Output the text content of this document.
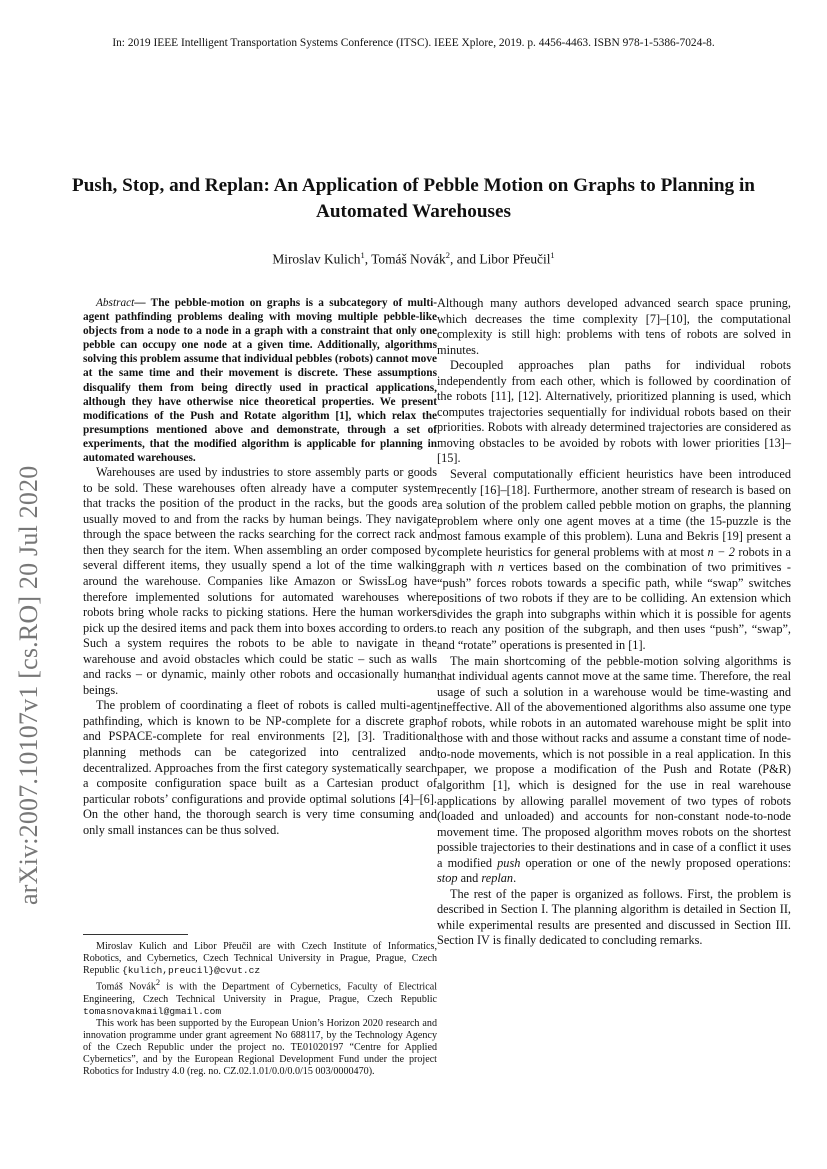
In: 2019 IEEE Intelligent Transportation Systems Conference (ITSC). IEEE Xplore, 2019. p. 4456-4463. ISBN 978-1-5386-7024-8.
Push, Stop, and Replan: An Application of Pebble Motion on Graphs to Planning in Automated Warehouses
Miroslav Kulich$^1$, Tomáš Novák$^2$, and Libor Přeučil$^1$
arXiv:2007.10107v1 [cs.RO] 20 Jul 2020

Abstract— The pebble-motion on graphs is a subcategory of multi-agent pathfinding problems dealing with moving multiple pebble-like objects from a node to a node in a graph with a constraint that only one pebble can occupy one node at a given time. Additionally, algorithms solving this problem assume that individual pebbles (robots) cannot move at the same time and their movement is discrete. These assumptions disqualify them from being directly used in practical applications, although they have otherwise nice theoretical properties. We present modifications of the Push and Rotate algorithm [1], which relax the presumptions mentioned above and demonstrate, through a set of experiments, that the modified algorithm is applicable for planning in automated warehouses.

Warehouses are used by industries to store assembly parts or goods to be sold. These warehouses often already have a computer system that tracks the position of the product in the racks, but the goods are usually moved to and from the racks by human beings. They navigate through the space between the racks searching for the correct rack and then they search for the item. When assembling an order composed by several different items, they usually spend a lot of the time walking around the warehouse. Companies like Amazon or SwissLog have therefore implemented solutions for automated warehouses where robots bring whole racks to picking stations. Here the human workers pick up the desired items and pack them into boxes according to orders. Such a system requires the robots to be able to navigate in the warehouse and avoid obstacles which could be static – such as walls and racks – or dynamic, mainly other robots and occasionally human beings.

The problem of coordinating a fleet of robots is called multi-agent pathfinding, which is known to be NP-complete for a discrete graph and PSPACE-complete for real environments [2], [3]. Traditional planning methods can be categorized into centralized and decentralized. Approaches from the first category systematically search a composite configuration space built as a Cartesian product of particular robots’ configurations and provide optimal solutions [4]–[6]. On the other hand, the thorough search is very time consuming and only small instances can be thus solved.

Miroslav Kulich and Libor Přeučil are with Czech Institute of Informatics, Robotics, and Cybernetics, Czech Technical University in Prague, Prague, Czech Republic {kulich,preucil}@cvut.cz

Tomáš Novák$^2$ is with the Department of Cybernetics, Faculty of Electrical Engineering, Czech Technical University in Prague, Prague, Czech Republic tomasnovakmail@gmail.com

This work has been supported by the European Union’s Horizon 2020 research and innovation programme under grant agreement No 688117, by the Technology Agency of the Czech Republic under the project no. TE01020197 “Centre for Applied Cybernetics”, and by the European Regional Development Fund under the project Robotics for Industry 4.0 (reg. no. CZ.02.1.01/0.0/0.0/15 003/0000470).

Although many authors developed advanced search space pruning, which decreases the time complexity [7]–[10], the computational complexity is still high: problems with tens of robots are solved in minutes.

Decoupled approaches plan paths for individual robots independently from each other, which is followed by coordination of the robots [11], [12]. Alternatively, prioritized planning is used, which computes trajectories sequentially for individual robots based on their priorities. Robots with already determined trajectories are considered as moving obstacles to be avoided by robots with lower priorities [13]–[15].

Several computationally efficient heuristics have been introduced recently [16]–[18]. Furthermore, another stream of research is based on a solution of the problem called pebble motion on graphs, the planning problem where only one agent moves at a time (the 15-puzzle is the most famous example of this problem). Luna and Bekris [19] present a complete heuristics for general problems with at most n − 2 robots in a graph with n vertices based on the combination of two primitives - “push” forces robots towards a specific path, while “swap” switches positions of two robots if they are to be colliding. An extension which divides the graph into subgraphs within which it is possible for agents to reach any position of the subgraph, and then uses “push”, “swap”, and “rotate” operations is presented in [1].

The main shortcoming of the pebble-motion solving algorithms is that individual agents cannot move at the same time. Therefore, the real usage of such a solution in a warehouse would be time-wasting and ineffective. All of the abovementioned algorithms also assume one type of robots, while robots in an automated warehouse might be split into those with and those without racks and assume a constant time of node-to-node movements, which is not possible in a real application. In this paper, we propose a modification of the Push and Rotate (P&R) algorithm [1], which is designed for the use in real warehouse applications by allowing parallel movement of two types of robots (loaded and unloaded) and accounts for non-constant node-to-node movement time. The proposed algorithm moves robots on the shortest possible trajectories to their destinations and in case of a conflict it uses a modified push operation or one of the newly proposed operations: stop and replan.

The rest of the paper is organized as follows. First, the problem is described in Section I. The planning algorithm is detailed in Section II, while experimental results are presented and discussed in Section III. Section IV is finally dedicated to concluding remarks.
